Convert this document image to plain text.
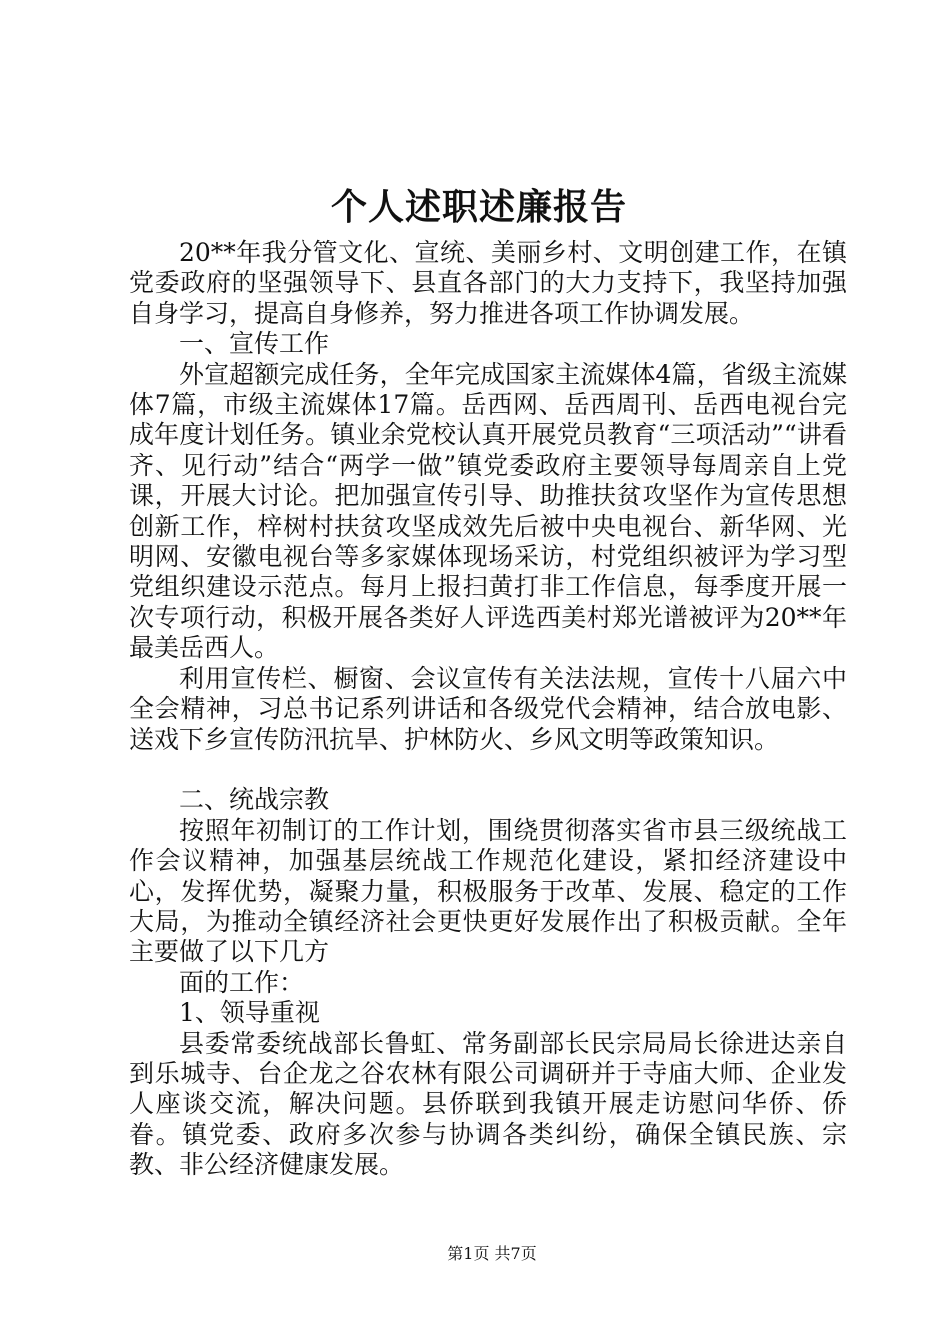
个人述职述廉报告

20**年我分管文化、宣统、美丽乡村、文明创建工作，在镇党委政府的坚强领导下、县直各部门的大力支持下，我坚持加强自身学习，提高自身修养，努力推进各项工作协调发展。

一、宣传工作

外宣超额完成任务，全年完成国家主流媒体4篇，省级主流媒体7篇，市级主流媒体17篇。岳西网、岳西周刊、岳西电视台完成年度计划任务。镇业余党校认真开展党员教育“三项活动”“讲看齐、见行动”结合“两学一做”镇党委政府主要领导每周亲自上党课，开展大讨论。把加强宣传引导、助推扶贫攻坚作为宣传思想创新工作，梓树村扶贫攻坚成效先后被中央电视台、新华网、光明网、安徽电视台等多家媒体现场采访，村党组织被评为学习型党组织建设示范点。每月上报扫黄打非工作信息，每季度开展一次专项行动，积极开展各类好人评选西美村郑光谱被评为20**年最美岳西人。

利用宣传栏、橱窗、会议宣传有关法法规，宣传十八届六中全会精神，习总书记系列讲话和各级党代会精神，结合放电影、送戏下乡宣传防汛抗旱、护林防火、乡风文明等政策知识。

二、统战宗教

按照年初制订的工作计划，围绕贯彻落实省市县三级统战工作会议精神，加强基层统战工作规范化建设，紧扣经济建设中心，发挥优势，凝聚力量，积极服务于改革、发展、稳定的工作大局，为推动全镇经济社会更快更好发展作出了积极贡献。全年主要做了以下几方

面的工作：

1、领导重视

县委常委统战部长鲁虹、常务副部长民宗局局长徐进达亲自到乐城寺、台企龙之谷农林有限公司调研并于寺庙大师、企业发人座谈交流，解决问题。县侨联到我镇开展走访慰问华侨、侨眷。镇党委、政府多次参与协调各类纠纷，确保全镇民族、宗教、非公经济健康发展。

第1页 共7页
